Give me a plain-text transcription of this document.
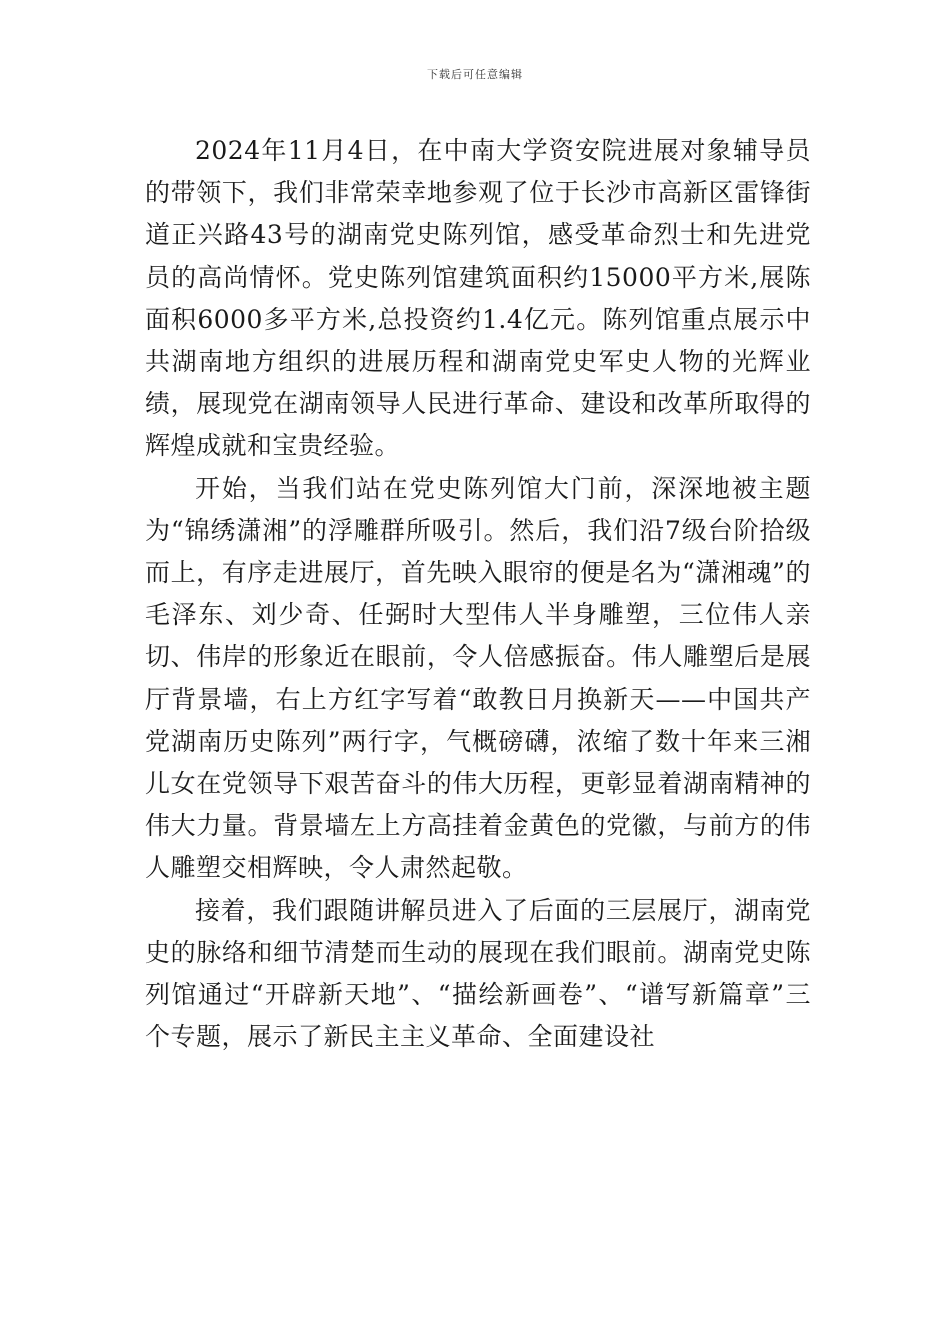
下载后可任意编辑

2024年11月4日，在中南大学资安院进展对象辅导员的带领下，我们非常荣幸地参观了位于长沙市高新区雷锋街道正兴路43号的湖南党史陈列馆，感受革命烈士和先进党员的高尚情怀。党史陈列馆建筑面积约15000平方米,展陈面积6000多平方米,总投资约1.4亿元。陈列馆重点展示中共湖南地方组织的进展历程和湖南党史军史人物的光辉业绩，展现党在湖南领导人民进行革命、建设和改革所取得的辉煌成就和宝贵经验。

开始，当我们站在党史陈列馆大门前，深深地被主题为“锦绣潇湘”的浮雕群所吸引。然后，我们沿7级台阶拾级而上，有序走进展厅，首先映入眼帘的便是名为“潇湘魂”的毛泽东、刘少奇、任弼时大型伟人半身雕塑，三位伟人亲切、伟岸的形象近在眼前，令人倍感振奋。伟人雕塑后是展厅背景墙，右上方红字写着“敢教日月换新天——中国共产党湖南历史陈列”两行字，气概磅礴，浓缩了数十年来三湘儿女在党领导下艰苦奋斗的伟大历程，更彰显着湖南精神的伟大力量。背景墙左上方高挂着金黄色的党徽，与前方的伟人雕塑交相辉映，令人肃然起敬。

接着，我们跟随讲解员进入了后面的三层展厅，湖南党史的脉络和细节清楚而生动的展现在我们眼前。湖南党史陈列馆通过“开辟新天地”、“描绘新画卷”、“谱写新篇章”三个专题，展示了新民主主义革命、全面建设社
